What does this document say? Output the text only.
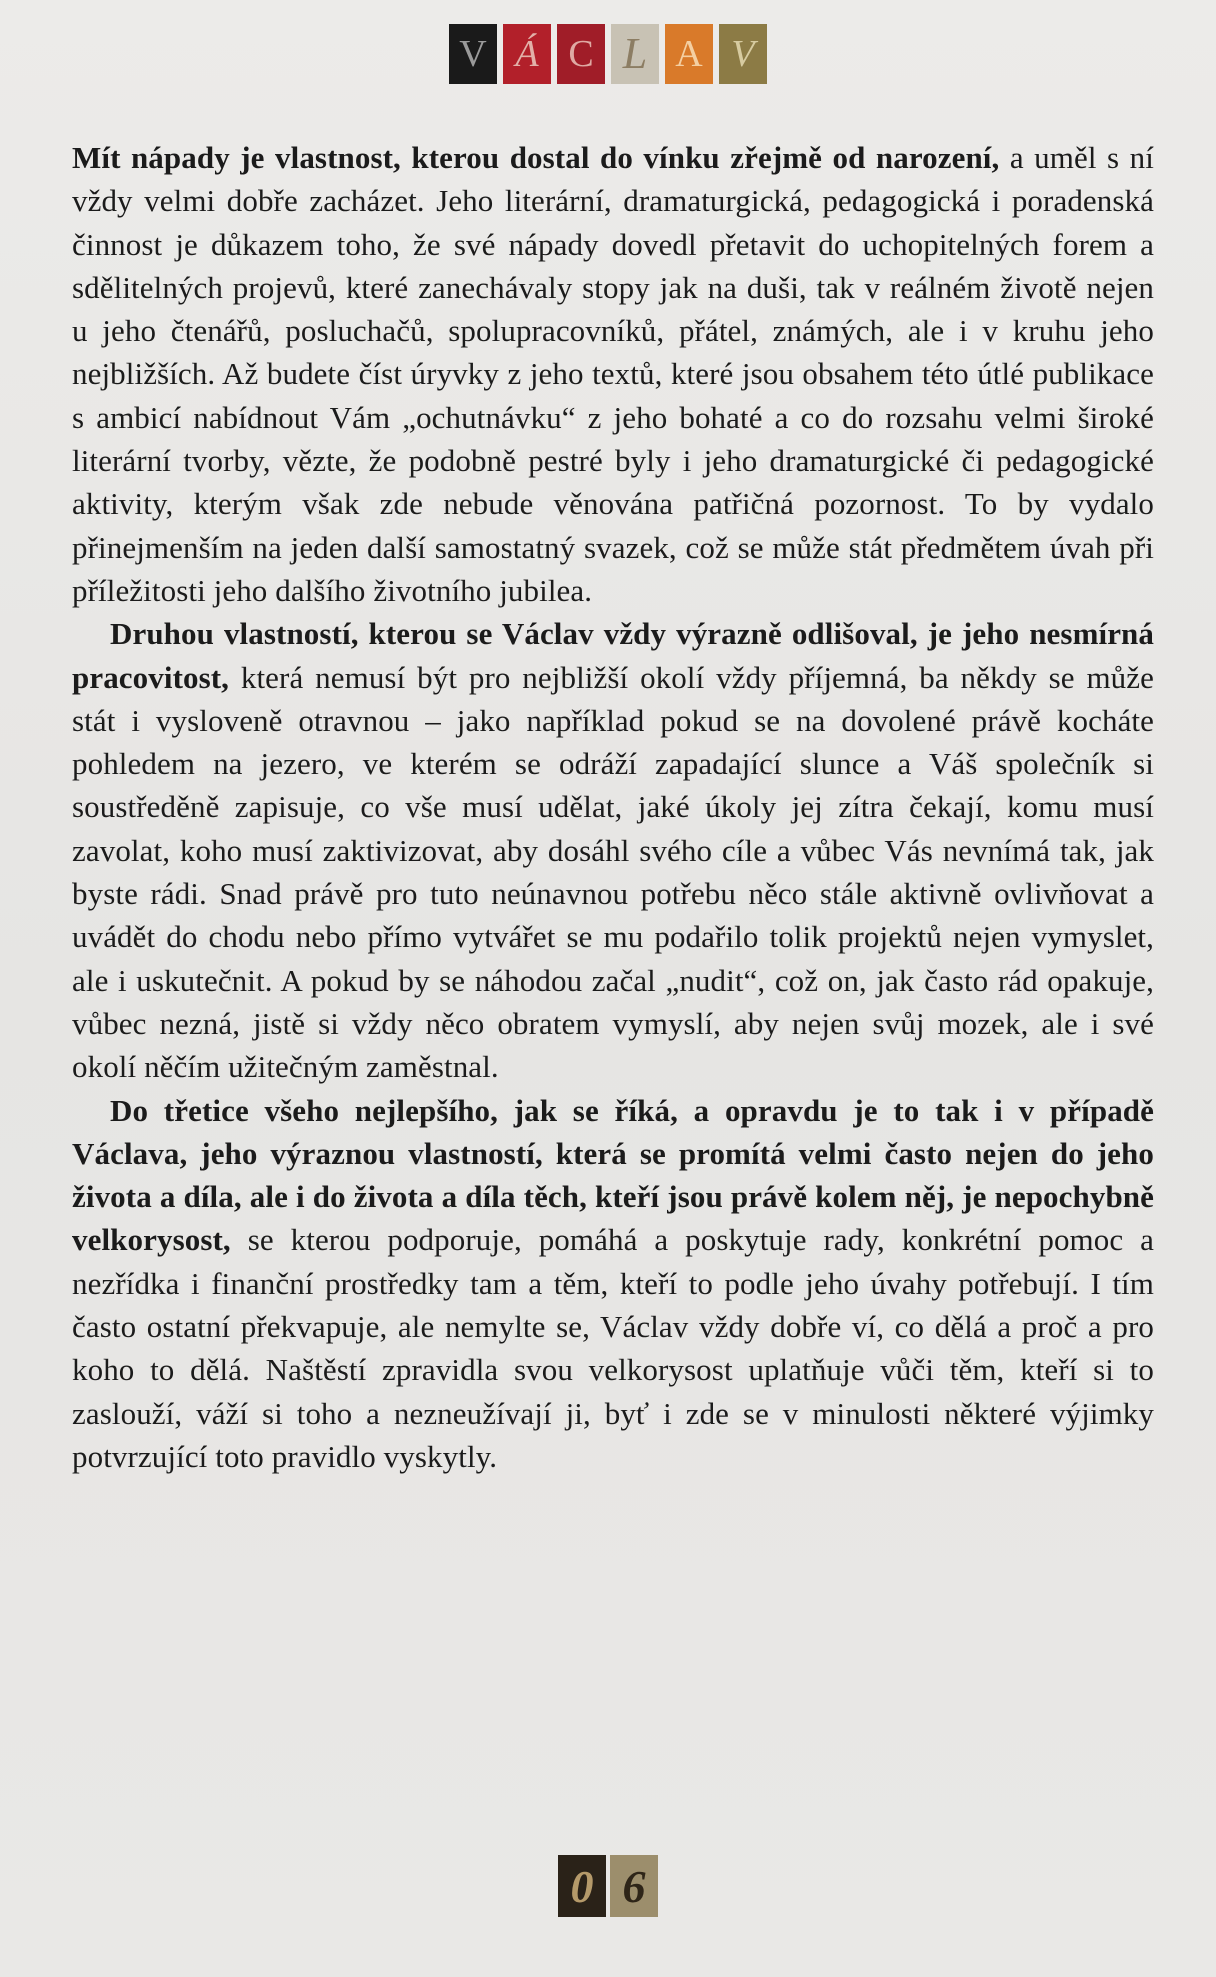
V Á C L A V

Mít nápady je vlastnost, kterou dostal do vínku zřejmě od narození, a uměl s ní vždy velmi dobře zacházet. Jeho literární, dramaturgická, pedagogická i poradenská činnost je důkazem toho, že své nápady dovedl přetavit do uchopitelných forem a sdělitelných projevů, které zanechávaly stopy jak na duši, tak v reálném životě nejen u jeho čtenářů, posluchačů, spolupracovníků, přátel, známých, ale i v kruhu jeho nejbližších. Až budete číst úryvky z jeho textů, které jsou obsahem této útlé publikace s ambicí nabídnout Vám „ochutnávku“ z jeho bohaté a co do rozsahu velmi široké literární tvorby, vězte, že podobně pestré byly i jeho dramaturgické či pedagogické aktivity, kterým však zde nebude věnována patřičná pozornost. To by vydalo přinejmenším na jeden další samostatný svazek, což se může stát předmětem úvah při příležitosti jeho dalšího životního jubilea.

Druhou vlastností, kterou se Václav vždy výrazně odlišoval, je jeho nesmírná pracovitost, která nemusí být pro nejbližší okolí vždy příjemná, ba někdy se může stát i vysloveně otravnou – jako například pokud se na dovolené právě kocháte pohledem na jezero, ve kterém se odráží zapadající slunce a Váš společník si soustředěně zapisuje, co vše musí udělat, jaké úkoly jej zítra čekají, komu musí zavolat, koho musí zaktivizovat, aby dosáhl svého cíle a vůbec Vás nevnímá tak, jak byste rádi. Snad právě pro tuto neúnavnou potřebu něco stále aktivně ovlivňovat a uvádět do chodu nebo přímo vytvářet se mu podařilo tolik projektů nejen vymyslet, ale i uskutečnit. A pokud by se náhodou začal „nudit“, což on, jak často rád opakuje, vůbec nezná, jistě si vždy něco obratem vymyslí, aby nejen svůj mozek, ale i své okolí něčím užitečným zaměstnal.

Do třetice všeho nejlepšího, jak se říká, a opravdu je to tak i v případě Václava, jeho výraznou vlastností, která se promítá velmi často nejen do jeho života a díla, ale i do života a díla těch, kteří jsou právě kolem něj, je nepochybně velkorysost, se kterou podporuje, pomáhá a poskytuje rady, konkrétní pomoc a nezřídka i finanční prostředky tam a těm, kteří to podle jeho úvahy potřebují. I tím často ostatní překvapuje, ale nemylte se, Václav vždy dobře ví, co dělá a proč a pro koho to dělá. Naštěstí zpravidla svou velkorysost uplatňuje vůči těm, kteří si to zaslouží, váží si toho a nezneužívají ji, byť i zde se v minulosti některé výjimky potvrzující toto pravidlo vyskytly.

0 6
